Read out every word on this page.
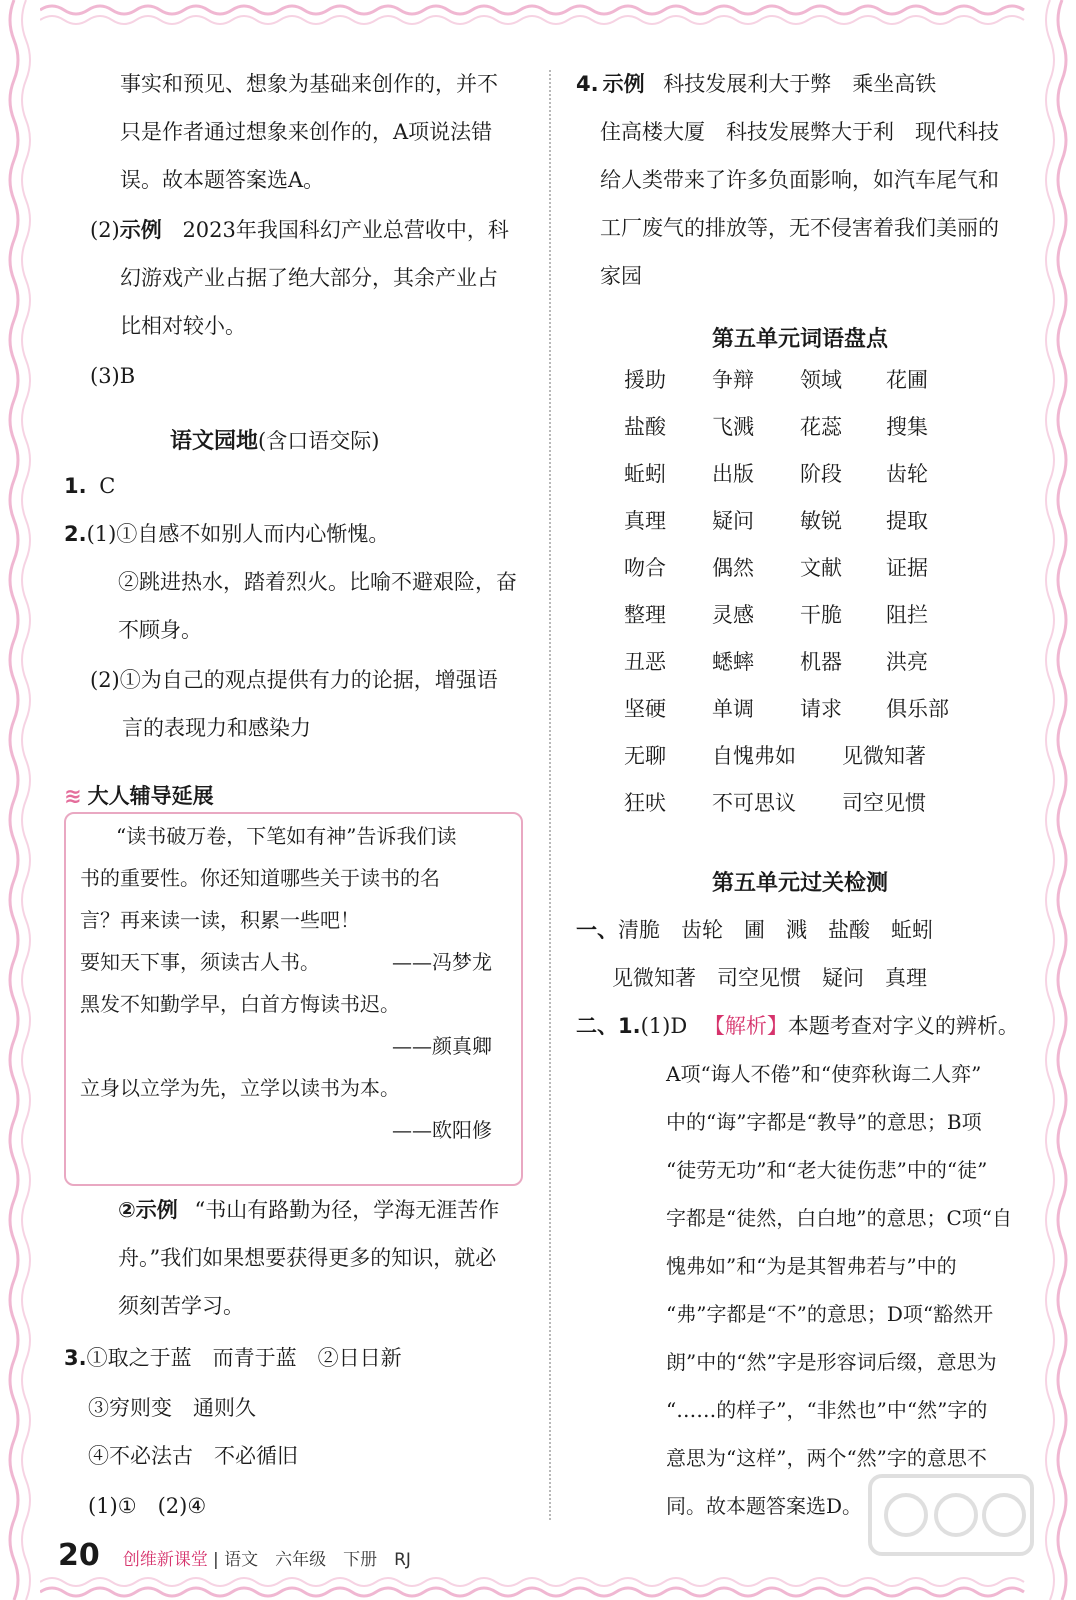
事实和预见、想象为基础来创作的，并不
只是作者通过想象来创作的，A项说法错
误。故本题答案选A。
(2)示例 2023年我国科幻产业总营收中，科
幻游戏产业占据了绝大部分，其余产业占
比相对较小。
(3)B
语文园地(含口语交际)
1. C
2.(1)①自感不如别人而内心惭愧。
②跳进热水，踏着烈火。比喻不避艰险，奋
不顾身。
(2)①为自己的观点提供有力的论据，增强语
言的表现力和感染力
≋ 大人辅导延展
“读书破万卷，下笔如有神”告诉我们读
书的重要性。你还知道哪些关于读书的名
言？再来读一读，积累一些吧！
要知天下事，须读古人书。	——冯梦龙
黑发不知勤学早，白首方悔读书迟。
——颜真卿
立身以立学为先，立学以读书为本。
——欧阳修
②示例 “书山有路勤为径，学海无涯苦作
舟。”我们如果想要获得更多的知识，就必
须刻苦学习。
3.①取之于蓝　而青于蓝　②日日新
③穷则变　通则久
④不必法古　不必循旧
(1)①　(2)④
4. 示例 科技发展利大于弊　乘坐高铁
住高楼大厦　科技发展弊大于利　现代科技
给人类带来了许多负面影响，如汽车尾气和
工厂废气的排放等，无不侵害着我们美丽的
家园
第五单元词语盘点
援助 争辩 领域 花圃
盐酸 飞溅 花蕊 搜集
蚯蚓 出版 阶段 齿轮
真理 疑问 敏锐 提取
吻合 偶然 文献 证据
整理 灵感 干脆 阻拦
丑恶 蟋蟀 机器 洪亮
坚硬 单调 请求 俱乐部
无聊 自愧弗如 见微知著
狂吠 不可思议 司空见惯
第五单元过关检测
一、清脆　齿轮　圃　溅　盐酸　蚯蚓
见微知著　司空见惯　疑问　真理
二、1.(1)D 【解析】本题考查对字义的辨析。
A项“诲人不倦”和“使弈秋诲二人弈”
中的“诲”字都是“教导”的意思；B项
“徒劳无功”和“老大徒伤悲”中的“徒”
字都是“徒然，白白地”的意思；C项“自
愧弗如”和“为是其智弗若与”中的
“弗”字都是“不”的意思；D项“豁然开
朗”中的“然”字是形容词后缀，意思为
“……的样子”，“非然也”中“然”字的
意思为“这样”，两个“然”字的意思不
同。故本题答案选D。
20 创维新课堂 | 语文　六年级　下册　RJ
